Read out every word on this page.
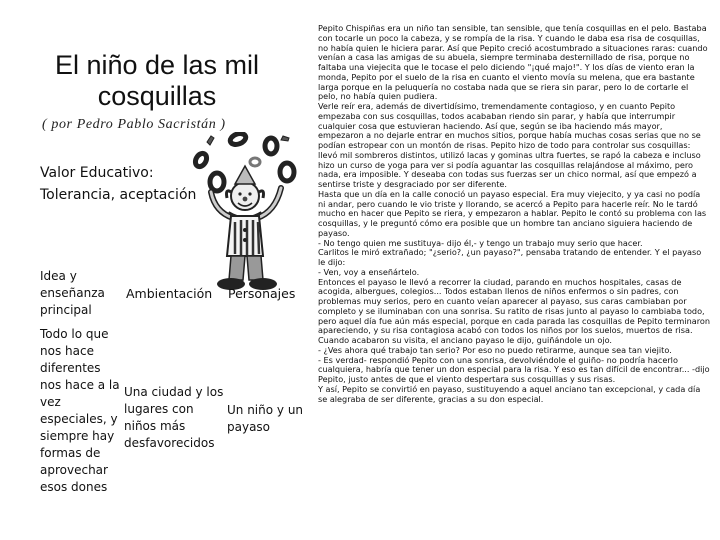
El niño de las mil cosquillas
( por Pedro Pablo Sacristán )
Valor Educativo:
Tolerancia, aceptación
Idea y enseñanza principal
Ambientación	Personajes
Todo lo que nos hace diferentes nos hace a la vez especiales, y siempre hay formas de aprovechar esos dones
Una ciudad y los lugares con niños más desfavorecidos
Un niño y un payaso

Pepito Chispiñas era un niño tan sensible, tan sensible, que tenía cosquillas en el pelo. Bastaba con tocarle un poco la cabeza, y se rompía de la risa. Y cuando le daba esa risa de cosquillas, no había quien le hiciera parar. Así que Pepito creció acostumbrado a situaciones raras: cuando venían a casa las amigas de su abuela, siempre terminaba desternillado de risa, porque no faltaba una viejecita que le tocase el pelo diciendo "¡qué majo!". Y los días de viento eran la monda, Pepito por el suelo de la risa en cuanto el viento movía su melena, que era bastante larga porque en la peluquería no costaba nada que se riera sin parar, pero lo de cortarle el pelo, no había quien pudiera.

Verle reír era, además de divertidísimo, tremendamente contagioso, y en cuanto Pepito empezaba con sus cosquillas, todos acababan riendo sin parar, y había que interrumpir cualquier cosa que estuvieran haciendo. Así que, según se iba haciendo más mayor, empezaron a no dejarle entrar en muchos sitios, porque había muchas cosas serias que no se podían estropear con un montón de risas. Pepito hizo de todo para controlar sus cosquillas: llevó mil sombreros distintos, utilizó lacas y gominas ultra fuertes, se rapó la cabeza e incluso hizo un curso de yoga para ver si podía aguantar las cosquillas relajándose al máximo, pero nada, era imposible. Y deseaba con todas sus fuerzas ser un chico normal, así que empezó a sentirse triste y desgraciado por ser diferente.

Hasta que un día en la calle conoció un payaso especial. Era muy viejecito, y ya casi no podía ni andar, pero cuando le vio triste y llorando, se acercó a Pepito para hacerle reír. No le tardó mucho en hacer que Pepito se riera, y empezaron a hablar. Pepito le contó su problema con las cosquillas, y le preguntó cómo era posible que un hombre tan anciano siguiera haciendo de payaso.

- No tengo quien me sustituya- dijo él,- y tengo un trabajo muy serio que hacer.

Carlitos le miró extrañado; "¿serio?, ¿un payaso?", pensaba tratando de entender. Y el payaso le dijo:

- Ven, voy a enseñártelo.

Entonces el payaso le llevó a recorrer la ciudad, parando en muchos hospitales, casas de acogida, albergues, colegios... Todos estaban llenos de niños enfermos o sin padres, con problemas muy serios, pero en cuanto veían aparecer al payaso, sus caras cambiaban por completo y se iluminaban con una sonrisa. Su ratito de risas junto al payaso lo cambiaba todo, pero aquel día fue aún más especial, porque en cada parada las cosquillas de Pepito terminaron apareciendo, y su risa contagiosa acabó con todos los niños por los suelos, muertos de risa.

Cuando acabaron su visita, el anciano payaso le dijo, guiñándole un ojo.

- ¿Ves ahora qué trabajo tan serio? Por eso no puedo retirarme, aunque sea tan viejito.

- Es verdad- respondió Pepito con una sonrisa, devolviéndole el guiño- no podría hacerlo cualquiera, habría que tener un don especial para la risa. Y eso es tan difícil de encontrar... -dijo Pepito, justo antes de que el viento despertara sus cosquillas y sus risas.

Y así, Pepito se convirtió en payaso, sustituyendo a aquel anciano tan excepcional, y cada día se alegraba de ser diferente, gracias a su don especial.
